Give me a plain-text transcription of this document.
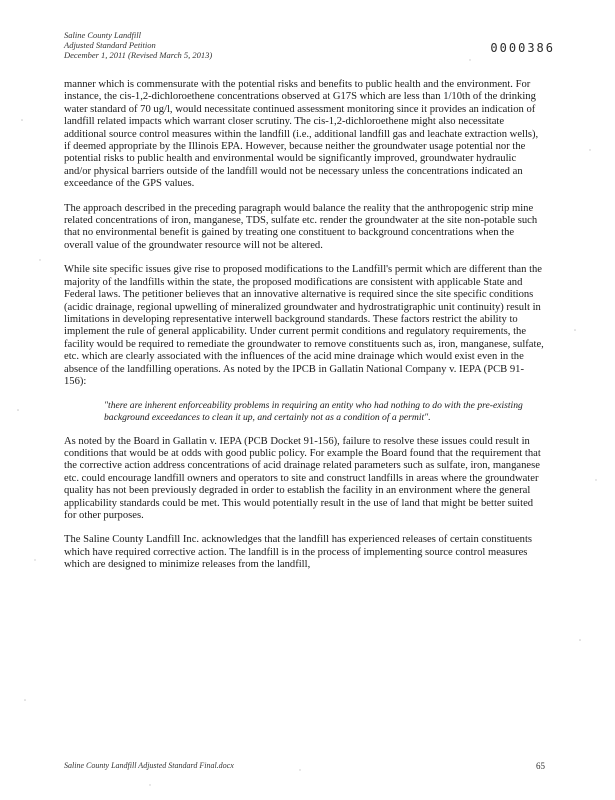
Saline County Landfill
Adjusted Standard Petition
December 1, 2011 (Revised March 5, 2013)	0000386

manner which is commensurate with the potential risks and benefits to public health and the environment. For instance, the cis-1,2-dichloroethene concentrations observed at G17S which are less than 1/10th of the drinking water standard of 70 ug/l, would necessitate continued assessment monitoring since it provides an indication of landfill related impacts which warrant closer scrutiny. The cis-1,2-dichloroethene might also necessitate additional source control measures within the landfill (i.e., additional landfill gas and leachate extraction wells), if deemed appropriate by the Illinois EPA. However, because neither the groundwater usage potential nor the potential risks to public health and environmental would be significantly improved, groundwater hydraulic and/or physical barriers outside of the landfill would not be necessary unless the concentrations indicated an exceedance of the GPS values.

The approach described in the preceding paragraph would balance the reality that the anthropogenic strip mine related concentrations of iron, manganese, TDS, sulfate etc. render the groundwater at the site non-potable such that no environmental benefit is gained by treating one constituent to background concentrations when the overall value of the groundwater resource will not be altered.

While site specific issues give rise to proposed modifications to the Landfill's permit which are different than the majority of the landfills within the state, the proposed modifications are consistent with applicable State and Federal laws. The petitioner believes that an innovative alternative is required since the site specific conditions (acidic drainage, regional upwelling of mineralized groundwater and hydrostratigraphic unit continuity) result in limitations in developing representative interwell background standards. These factors restrict the ability to implement the rule of general applicability. Under current permit conditions and regulatory requirements, the facility would be required to remediate the groundwater to remove constituents such as, iron, manganese, sulfate, etc. which are clearly associated with the influences of the acid mine drainage which would exist even in the absence of the landfilling operations. As noted by the IPCB in Gallatin National Company v. IEPA (PCB 91-156):

"there are inherent enforceability problems in requiring an entity who had nothing to do with the pre-existing background exceedances to clean it up, and certainly not as a condition of a permit".

As noted by the Board in Gallatin v. IEPA (PCB Docket 91-156), failure to resolve these issues could result in conditions that would be at odds with good public policy. For example the Board found that the requirement that the corrective action address concentrations of acid drainage related parameters such as sulfate, iron, manganese etc. could encourage landfill owners and operators to site and construct landfills in areas where the groundwater quality has not been previously degraded in order to establish the facility in an environment where the general applicability standards could be met. This would potentially result in the use of land that might be better suited for other purposes.

The Saline County Landfill Inc. acknowledges that the landfill has experienced releases of certain constituents which have required corrective action. The landfill is in the process of implementing source control measures which are designed to minimize releases from the landfill,

Saline County Landfill Adjusted Standard Final.docx	65
